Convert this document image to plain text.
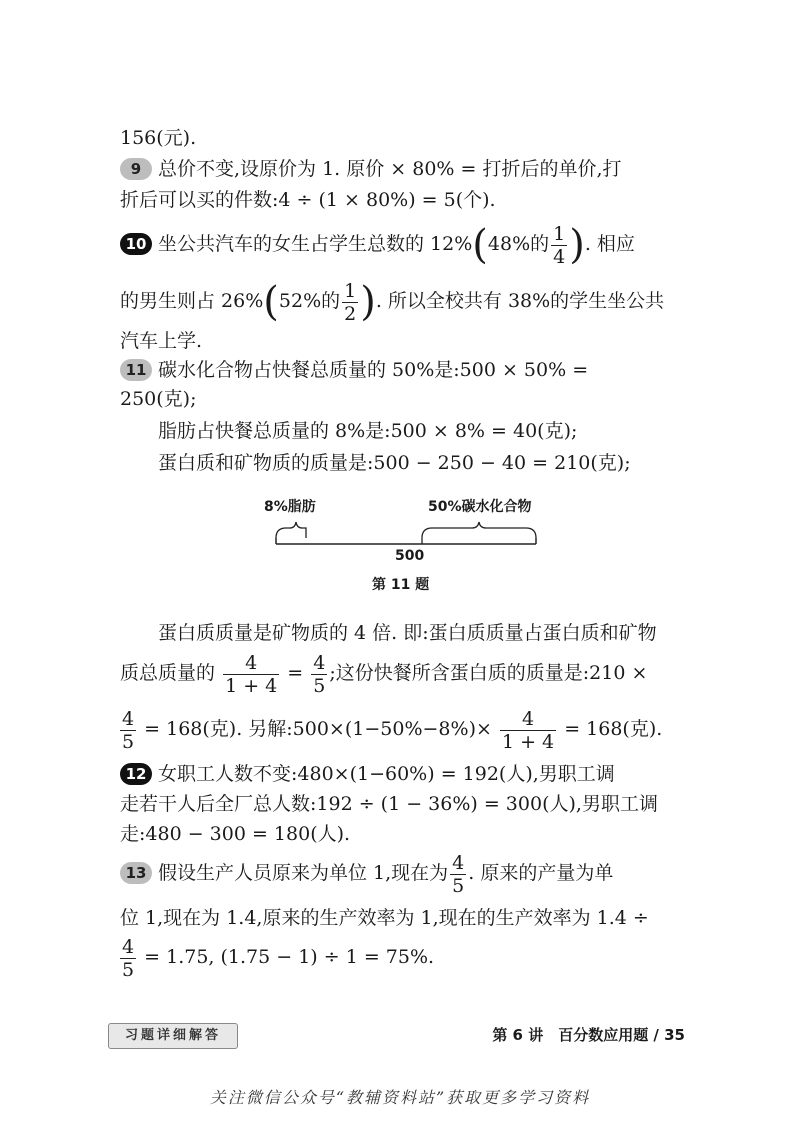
156(元).
9 总价不变,设原价为 1. 原价 × 80% = 打折后的单价,打
折后可以买的件数:4 ÷ (1 × 80%) = 5(个).
10 坐公共汽车的女生占学生总数的 12%(48%的 $\frac{1}{4}$ ). 相应
的男生则占 26%(52%的 $\frac{1}{2}$ ). 所以全校共有 38%的学生坐公共
汽车上学.
11 碳水化合物占快餐总质量的 50%是:500 × 50% =
250(克);
脂肪占快餐总质量的 8%是:500 × 8% = 40(克);
蛋白质和矿物质的质量是:500 − 250 − 40 = 210(克);
8%脂肪	50%碳水化合物
500
第 11 题
蛋白质质量是矿物质的 4 倍. 即:蛋白质质量占蛋白质和矿物
质总质量的 $\frac{4}{1 + 4} = \frac{4}{5}$ ;这份快餐所含蛋白质的质量是:210 ×
$\frac{4}{5} = 168$(克). 另解:500×(1−50%−8%)× $\frac{4}{1 + 4} = 168$(克).
12 女职工人数不变:480×(1−60%) = 192(人),男职工调
走若干人后全厂总人数:192 ÷ (1 − 36%) = 300(人),男职工调
走:480 − 300 = 180(人).
13 假设生产人员原来为单位 1,现在为 $\frac{4}{5}$ . 原来的产量为单
位 1,现在为 1.4,原来的生产效率为 1,现在的生产效率为 1.4 ÷
$\frac{4}{5} = 1.75$, (1.75 − 1) ÷ 1 = 75%.
习题详细解答	第 6 讲　百分数应用题 / 35
关注微信公众号“教辅资料站”获取更多学习资料
